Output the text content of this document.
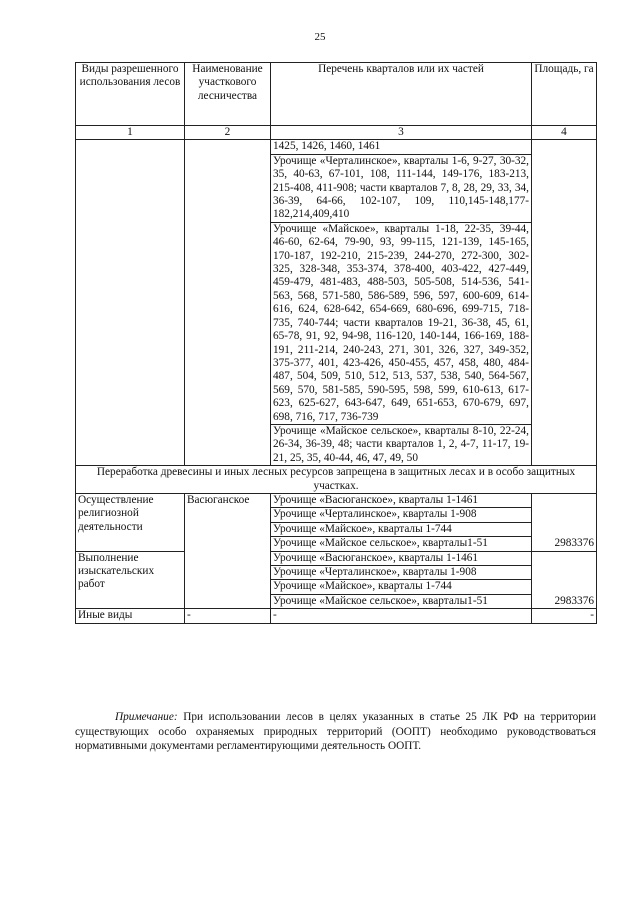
25
Виды разрешенного использования лесов	Наименование участкового лесничества	Перечень кварталов или их частей	Площадь, га
1	2	3	4
		1425, 1426, 1460, 1461	
		Урочище «Черталинское», кварталы 1-6, 9-27, 30-32, 35, 40-63, 67-101, 108, 111-144, 149-176, 183-213, 215-408, 411-908; части кварталов 7, 8, 28, 29, 33, 34, 36-39, 64-66, 102-107, 109, 110,145-148,177-182,214,409,410	
		Урочище «Майское», кварталы 1-18, 22-35, 39-44, 46-60, 62-64, 79-90, 93, 99-115, 121-139, 145-165, 170-187, 192-210, 215-239, 244-270, 272-300, 302-325, 328-348, 353-374, 378-400, 403-422, 427-449, 459-479, 481-483, 488-503, 505-508, 514-536, 541-563, 568, 571-580, 586-589, 596, 597, 600-609, 614-616, 624, 628-642, 654-669, 680-696, 699-715, 718-735, 740-744; части кварталов 19-21, 36-38, 45, 61, 65-78, 91, 92, 94-98, 116-120, 140-144, 166-169, 188-191, 211-214, 240-243, 271, 301, 326, 327, 349-352, 375-377, 401, 423-426, 450-455, 457, 458, 480, 484-487, 504, 509, 510, 512, 513, 537, 538, 540, 564-567, 569, 570, 581-585, 590-595, 598, 599, 610-613, 617-623, 625-627, 643-647, 649, 651-653, 670-679, 697, 698, 716, 717, 736-739	
		Урочище «Майское сельское», кварталы 8-10, 22-24, 26-34, 36-39, 48; части кварталов 1, 2, 4-7, 11-17, 19-21, 25, 35, 40-44, 46, 47, 49, 50	
Переработка древесины и иных лесных ресурсов запрещена в защитных лесах и в особо защитных участках.			
Осуществление религиозной деятельности	Васюганское	Урочище «Васюганское», кварталы 1-1461	2983376
		Урочище «Черталинское», кварталы 1-908	
		Урочище «Майское», кварталы 1-744	
		Урочище «Майское сельское», кварталы1-51	
Выполнение изыскательских работ		Урочище «Васюганское», кварталы 1-1461	2983376
		Урочище «Черталинское», кварталы 1-908	
		Урочище «Майское», кварталы 1-744	
		Урочище «Майское сельское», кварталы1-51	
Иные виды	-	-	-
Примечание: При использовании лесов в целях указанных в статье 25 ЛК РФ на территории существующих особо охраняемых природных территорий (ООПТ) необходимо руководствоваться нормативными документами регламентирующими деятельность ООПТ.
